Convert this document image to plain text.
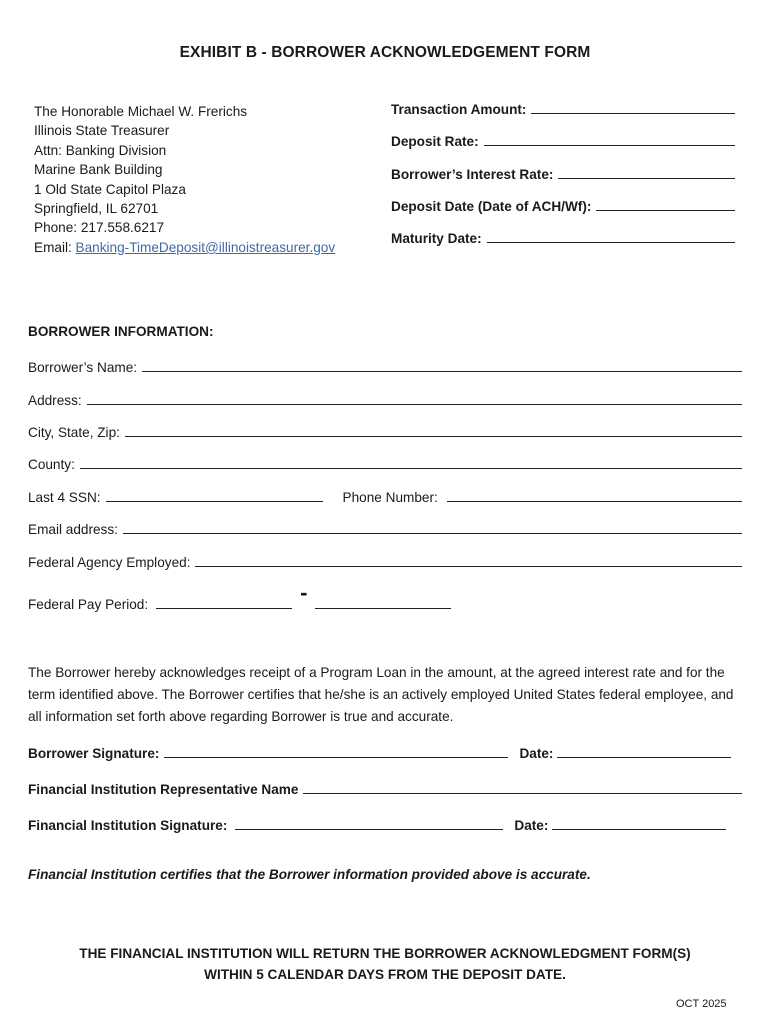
EXHIBIT B - BORROWER ACKNOWLEDGEMENT FORM
The Honorable Michael W. Frerichs
Illinois State Treasurer
Attn: Banking Division
Marine Bank Building
1 Old State Capitol Plaza
Springfield, IL 62701
Phone: 217.558.6217
Email: Banking-TimeDeposit@illinoistreasurer.gov
Transaction Amount:
Deposit Rate:
Borrower’s Interest Rate:
Deposit Date (Date of ACH/Wf):
Maturity Date:
BORROWER INFORMATION:
Borrower’s Name:
Address:
City, State, Zip:
County:
Last 4 SSN:	Phone Number:
Email address:
Federal Agency Employed:
Federal Pay Period:	-
The Borrower hereby acknowledges receipt of a Program Loan in the amount, at the agreed interest rate and for the term identified above. The Borrower certifies that he/she is an actively employed United States federal employee, and all information set forth above regarding Borrower is true and accurate.
Borrower Signature:	Date:
Financial Institution Representative Name
Financial Institution Signature:	Date:
Financial Institution certifies that the Borrower information provided above is accurate.
THE FINANCIAL INSTITUTION WILL RETURN THE BORROWER ACKNOWLEDGMENT FORM(S)
WITHIN 5 CALENDAR DAYS FROM THE DEPOSIT DATE.
OCT 2025
